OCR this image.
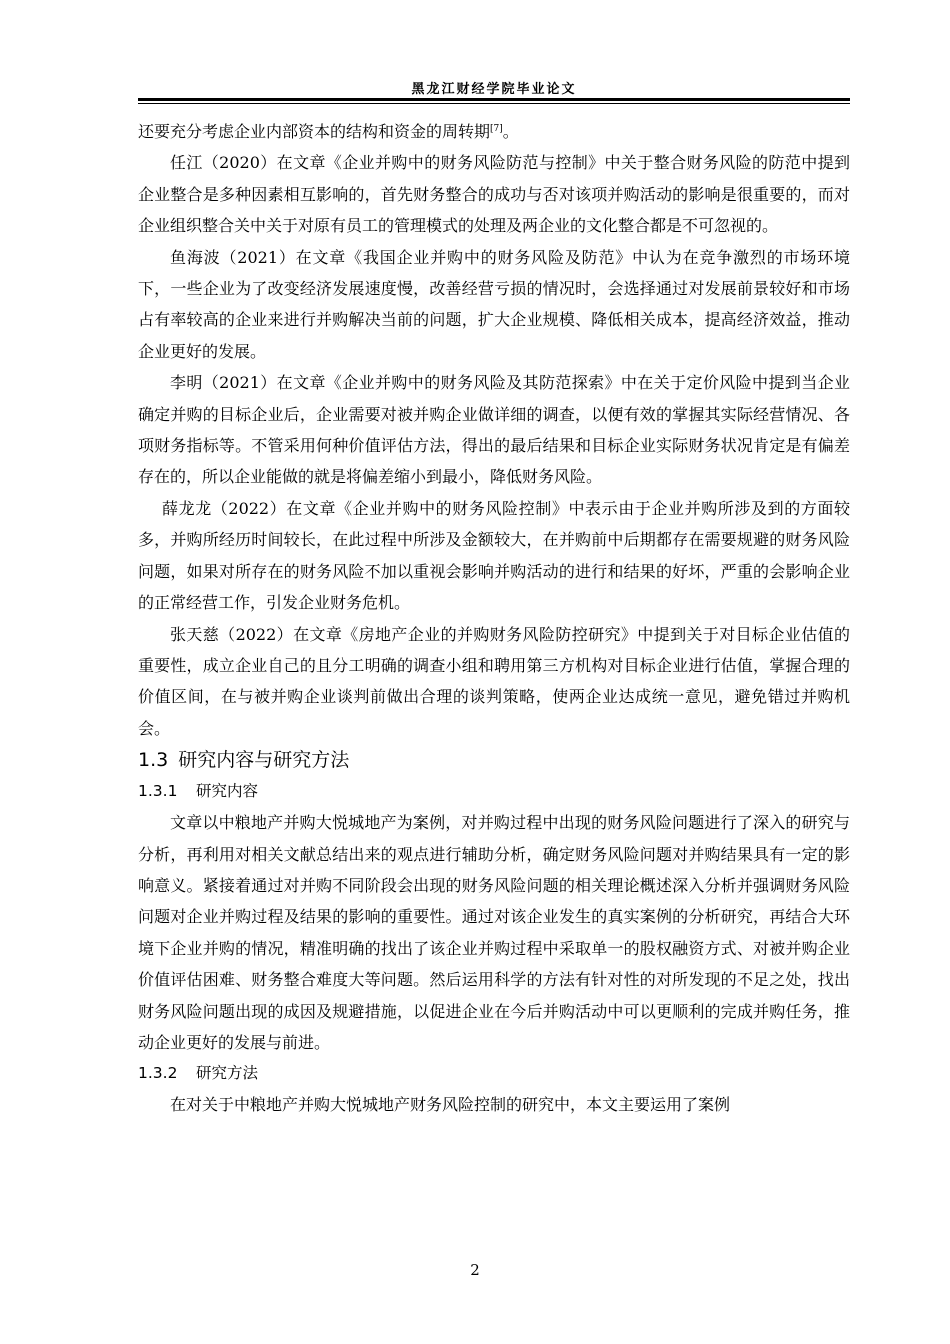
黑龙江财经学院毕业论文

还要充分考虑企业内部资本的结构和资金的周转期[7]。

任江（2020）在文章《企业并购中的财务风险防范与控制》中关于整合财务风险的防范中提到企业整合是多种因素相互影响的，首先财务整合的成功与否对该项并购活动的影响是很重要的，而对企业组织整合关中关于对原有员工的管理模式的处理及两企业的文化整合都是不可忽视的。

鱼海波（2021）在文章《我国企业并购中的财务风险及防范》中认为在竞争激烈的市场环境下，一些企业为了改变经济发展速度慢，改善经营亏损的情况时，会选择通过对发展前景较好和市场占有率较高的企业来进行并购解决当前的问题，扩大企业规模、降低相关成本，提高经济效益，推动企业更好的发展。

李明（2021）在文章《企业并购中的财务风险及其防范探索》中在关于定价风险中提到当企业确定并购的目标企业后，企业需要对被并购企业做详细的调查，以便有效的掌握其实际经营情况、各项财务指标等。不管采用何种价值评估方法，得出的最后结果和目标企业实际财务状况肯定是有偏差存在的，所以企业能做的就是将偏差缩小到最小，降低财务风险。

薛龙龙（2022）在文章《企业并购中的财务风险控制》中表示由于企业并购所涉及到的方面较多，并购所经历时间较长，在此过程中所涉及金额较大，在并购前中后期都存在需要规避的财务风险问题，如果对所存在的财务风险不加以重视会影响并购活动的进行和结果的好坏，严重的会影响企业的正常经营工作，引发企业财务危机。

张天慈（2022）在文章《房地产企业的并购财务风险防控研究》中提到关于对目标企业估值的重要性，成立企业自己的且分工明确的调查小组和聘用第三方机构对目标企业进行估值，掌握合理的价值区间，在与被并购企业谈判前做出合理的谈判策略，使两企业达成统一意见，避免错过并购机会。

1.3 研究内容与研究方法
1.3.1 研究内容

文章以中粮地产并购大悦城地产为案例，对并购过程中出现的财务风险问题进行了深入的研究与分析，再利用对相关文献总结出来的观点进行辅助分析，确定财务风险问题对并购结果具有一定的影响意义。紧接着通过对并购不同阶段会出现的财务风险问题的相关理论概述深入分析并强调财务风险问题对企业并购过程及结果的影响的重要性。通过对该企业发生的真实案例的分析研究，再结合大环境下企业并购的情况，精准明确的找出了该企业并购过程中采取单一的股权融资方式、对被并购企业价值评估困难、财务整合难度大等问题。然后运用科学的方法有针对性的对所发现的不足之处，找出财务风险问题出现的成因及规避措施，以促进企业在今后并购活动中可以更顺利的完成并购任务，推动企业更好的发展与前进。

1.3.2 研究方法

在对关于中粮地产并购大悦城地产财务风险控制的研究中，本文主要运用了案例

2
